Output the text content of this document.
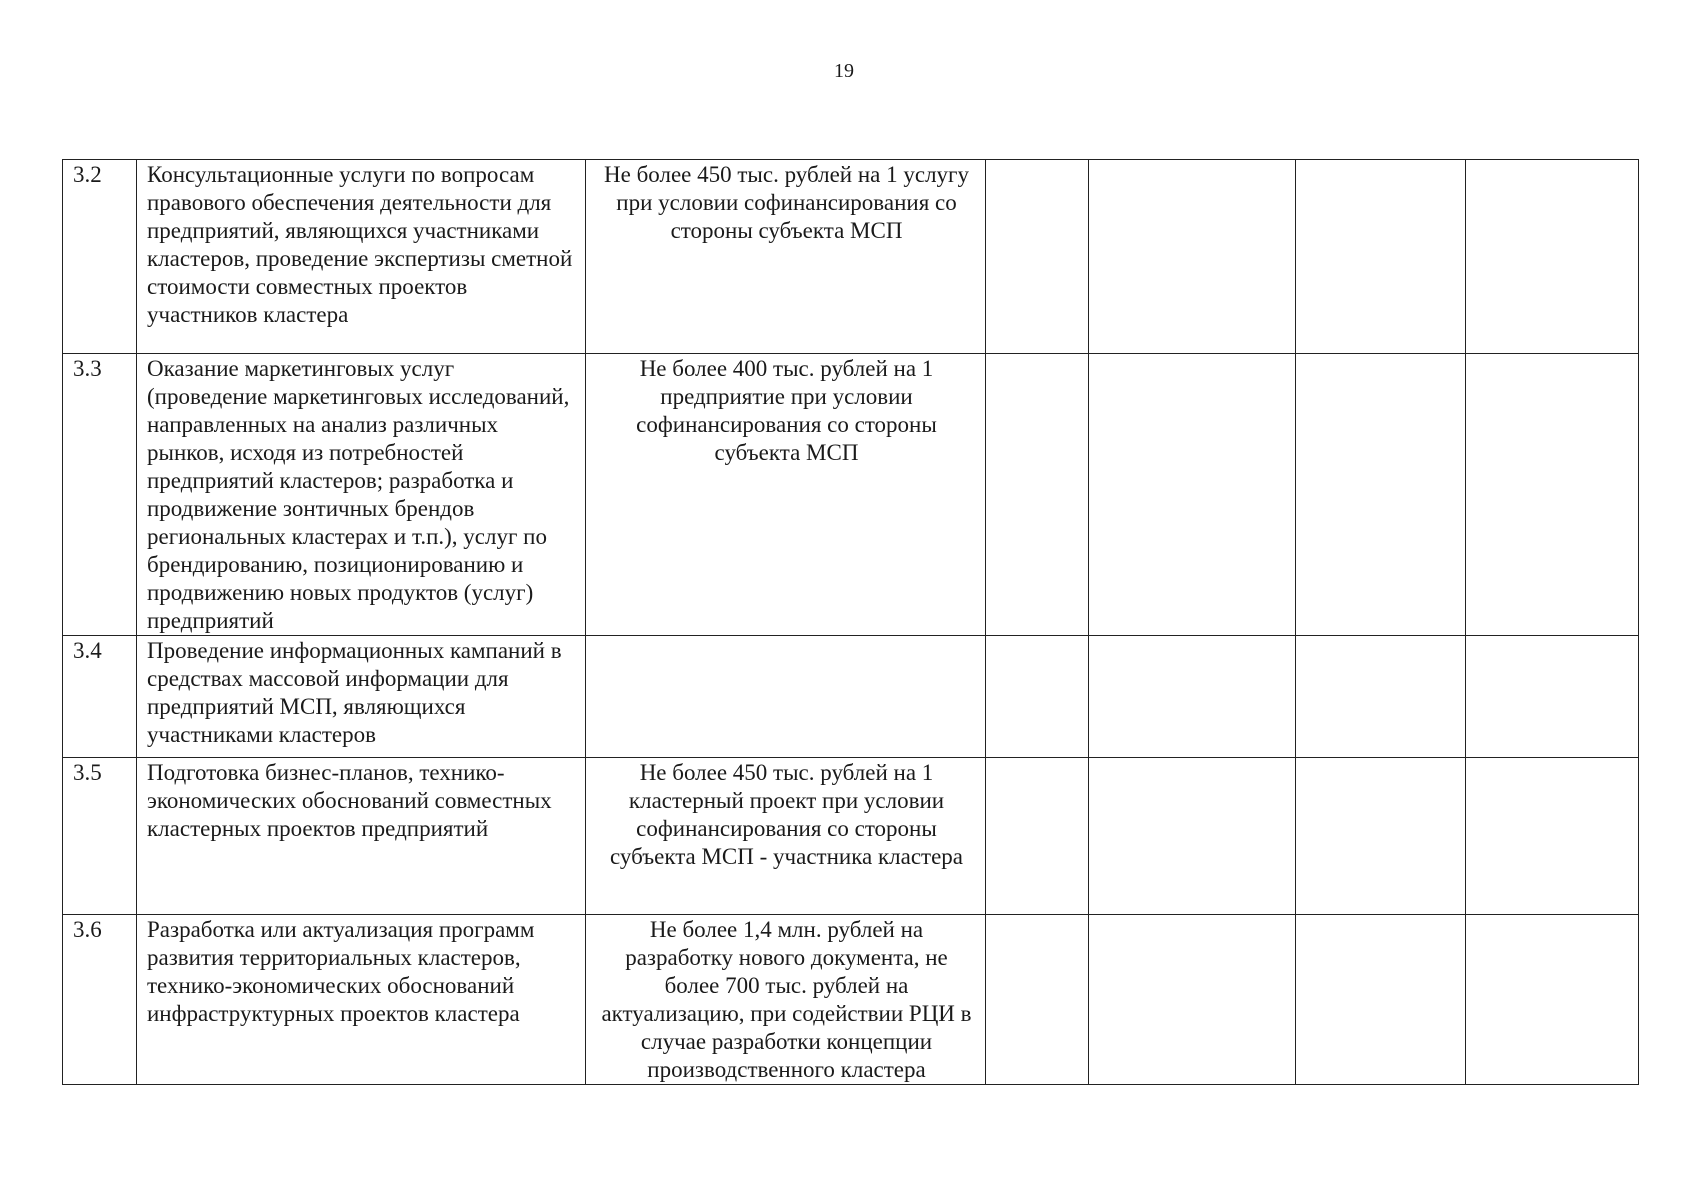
19
3.2	Консультационные услуги по вопросам правового обеспечения деятельности для предприятий, являющихся участниками кластеров, проведение экспертизы сметной стоимости совместных проектов участников кластера	Не более 450 тыс. рублей на 1 услугу при условии софинансирования со стороны субъекта МСП				
3.3	Оказание маркетинговых услуг (проведение маркетинговых исследований, направленных на анализ различных рынков, исходя из потребностей предприятий кластеров; разработка и продвижение зонтичных брендов региональных кластерах и т.п.), услуг по брендированию, позиционированию и продвижению новых продуктов (услуг) предприятий	Не более 400 тыс. рублей на 1 предприятие при условии софинансирования со стороны субъекта МСП				
3.4	Проведение информационных кампаний в средствах массовой информации для предприятий МСП, являющихся участниками кластеров					
3.5	Подготовка бизнес-планов, технико-экономических обоснований совместных кластерных проектов предприятий	Не более 450 тыс. рублей на 1 кластерный проект при условии софинансирования со стороны субъекта МСП - участника кластера				
3.6	Разработка или актуализация программ развития территориальных кластеров, технико-экономических обоснований инфраструктурных проектов кластера	Не более 1,4 млн. рублей на разработку нового документа, не более 700 тыс. рублей на актуализацию, при содействии РЦИ в случае разработки концепции производственного кластера				
